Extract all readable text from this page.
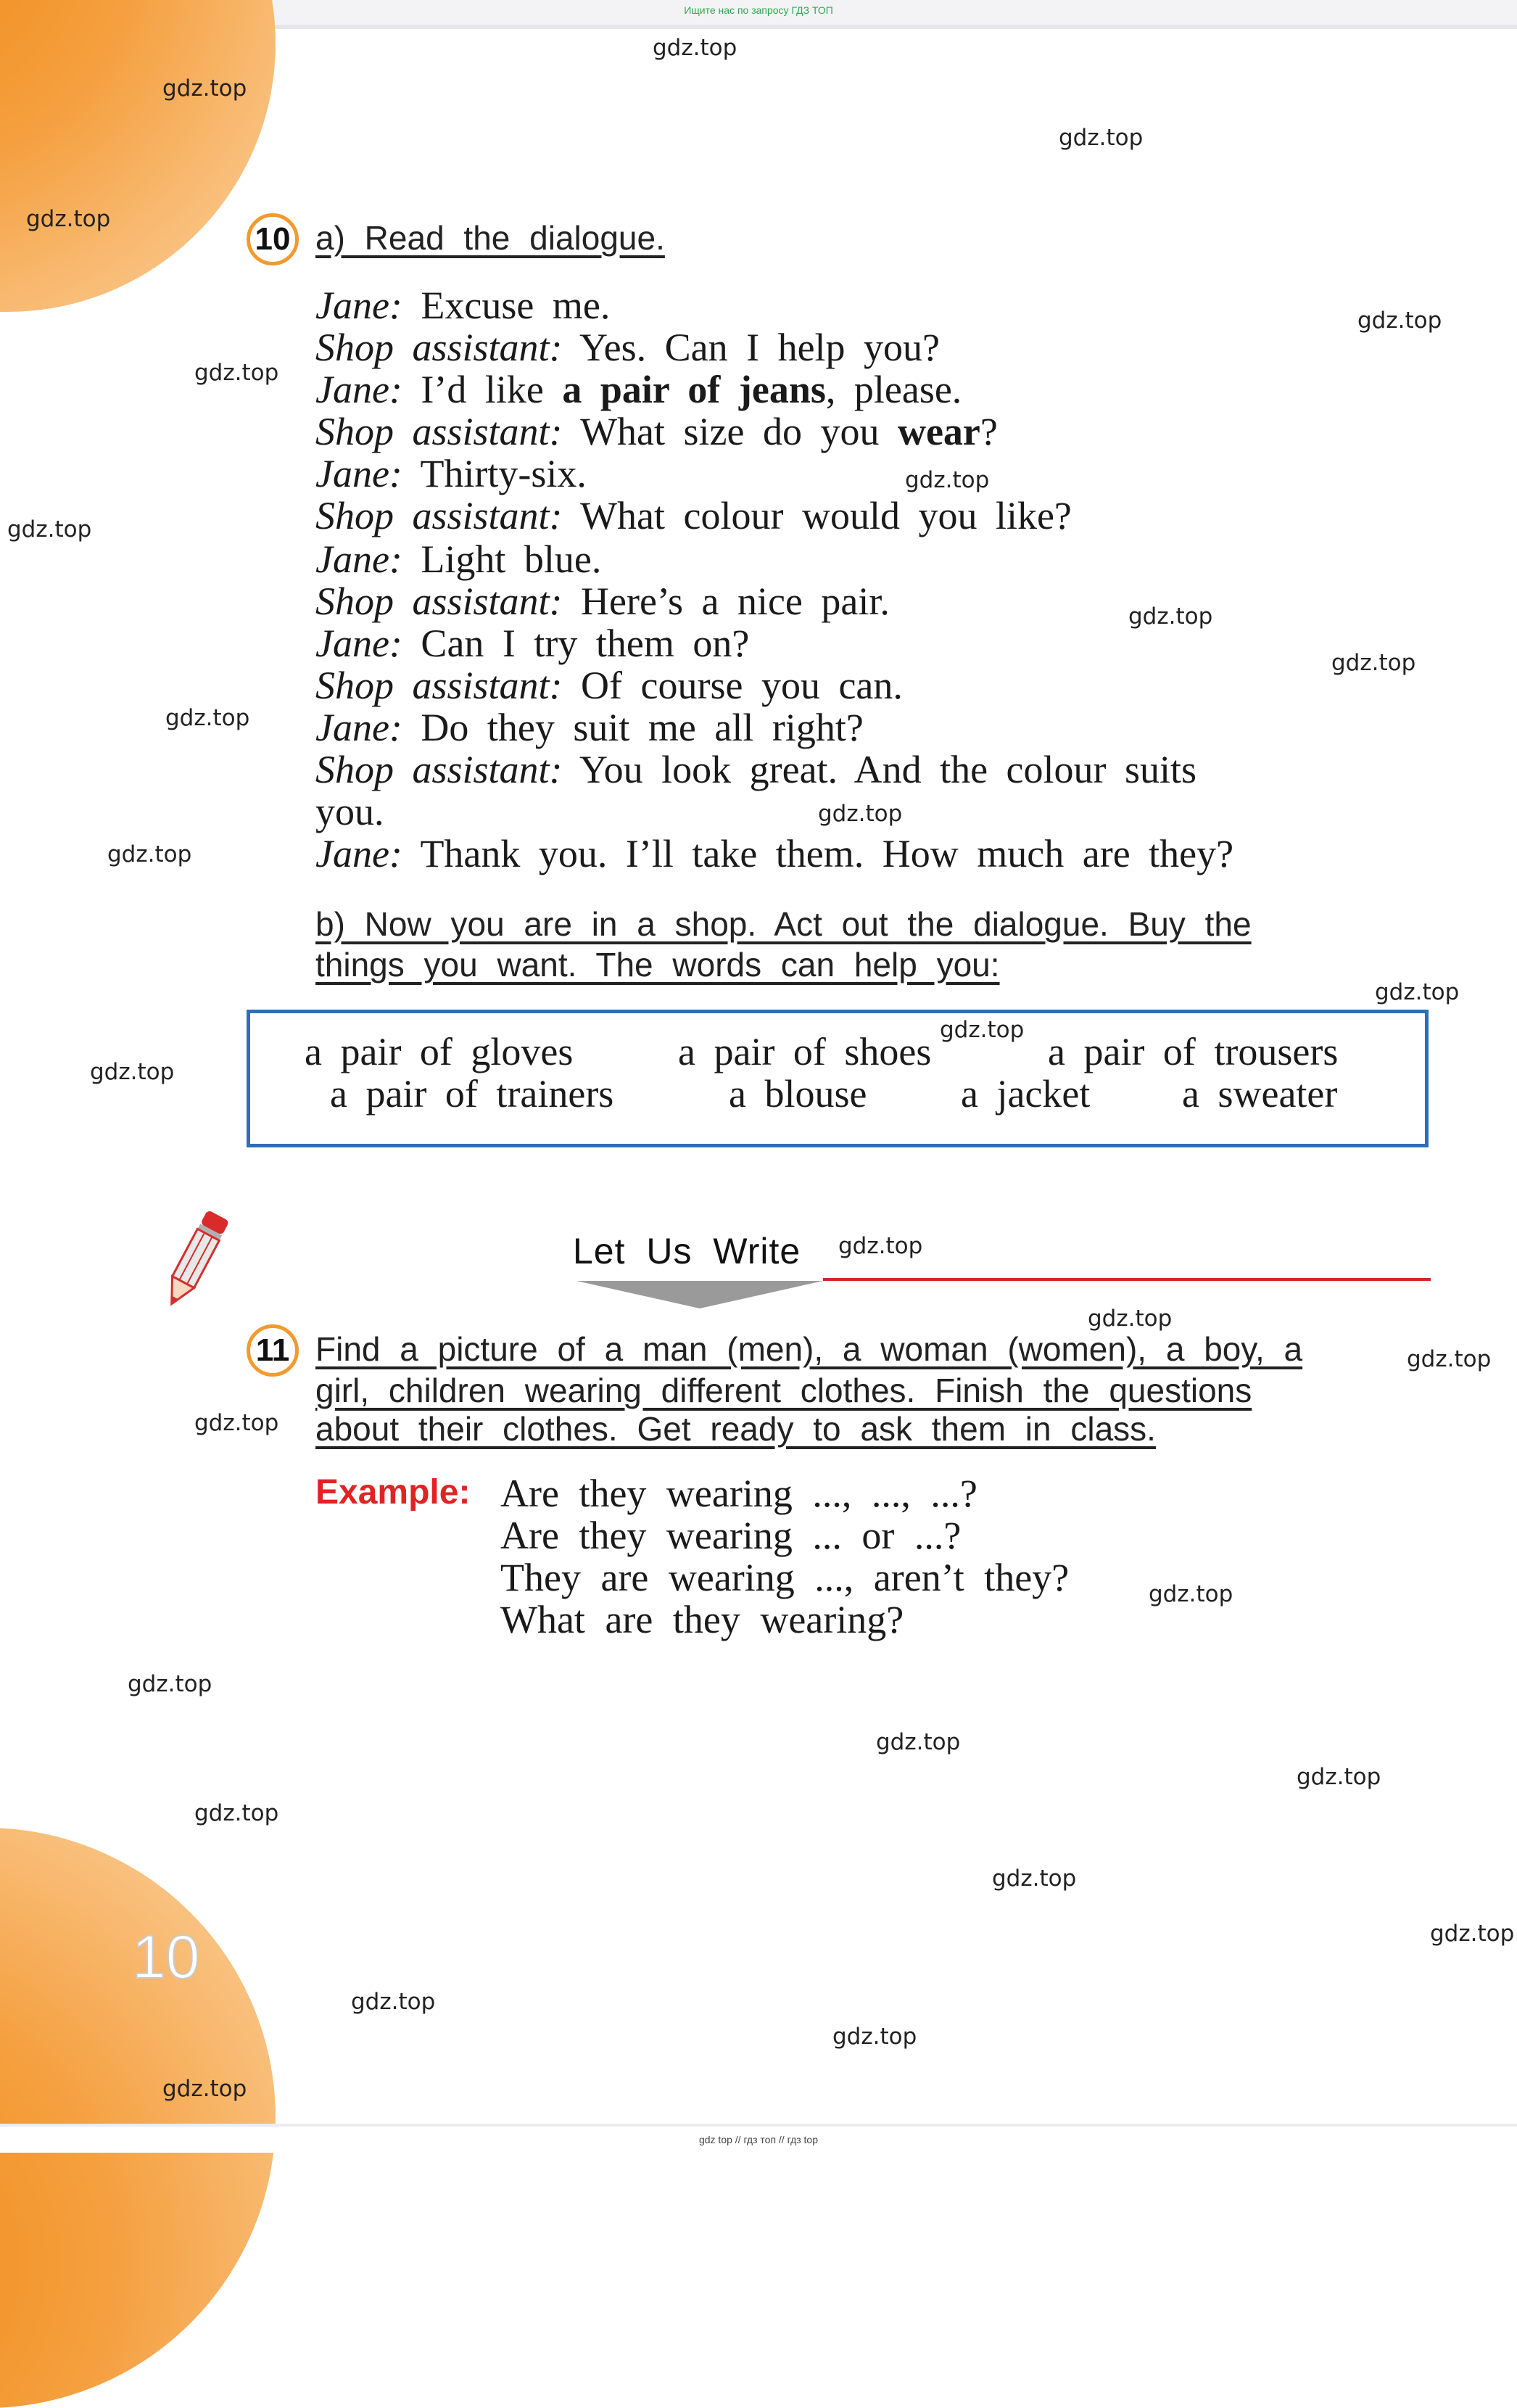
Ищите нас по запросу ГДЗ ТОП
10
10 a) Read the dialogue.
Jane: Excuse me.
Shop assistant: Yes. Can I help you?
Jane: I’d like a pair of jeans, please.
Shop assistant: What size do you wear?
Jane: Thirty-six.
Shop assistant: What colour would you like?
Jane: Light blue.
Shop assistant: Here’s a nice pair.
Jane: Can I try them on?
Shop assistant: Of course you can.
Jane: Do they suit me all right?
Shop assistant: You look great. And the colour suits
you.
Jane: Thank you. I’ll take them. How much are they?
b) Now you are in a shop. Act out the dialogue. Buy the
things you want. The words can help you:
a pair of gloves	a pair of shoes	a pair of trousers
a pair of trainers	a blouse a jacket a sweater
Let Us Write
11 Find a picture of a man (men), a woman (women), a boy, a
girl, children wearing different clothes. Finish the questions
about their clothes. Get ready to ask them in class.
Example: Are they wearing ..., ..., ...?
Are they wearing ... or ...?
They are wearing ..., aren’t they?
What are they wearing?
gdz.top
gdz.top
gdz.top
gdz.top
gdz.top
gdz.top
gdz.top
gdz.top
gdz.top
gdz.top
gdz.top
gdz.top
gdz.top
gdz.top
gdz.top
gdz.top
gdz.top
gdz.top
gdz.top
gdz.top
gdz.top
gdz.top
gdz.top
gdz.top
gdz.top
gdz.top
gdz.top
gdz.top
gdz.top
gdz.top
gdz top // гдз топ // гдз top
